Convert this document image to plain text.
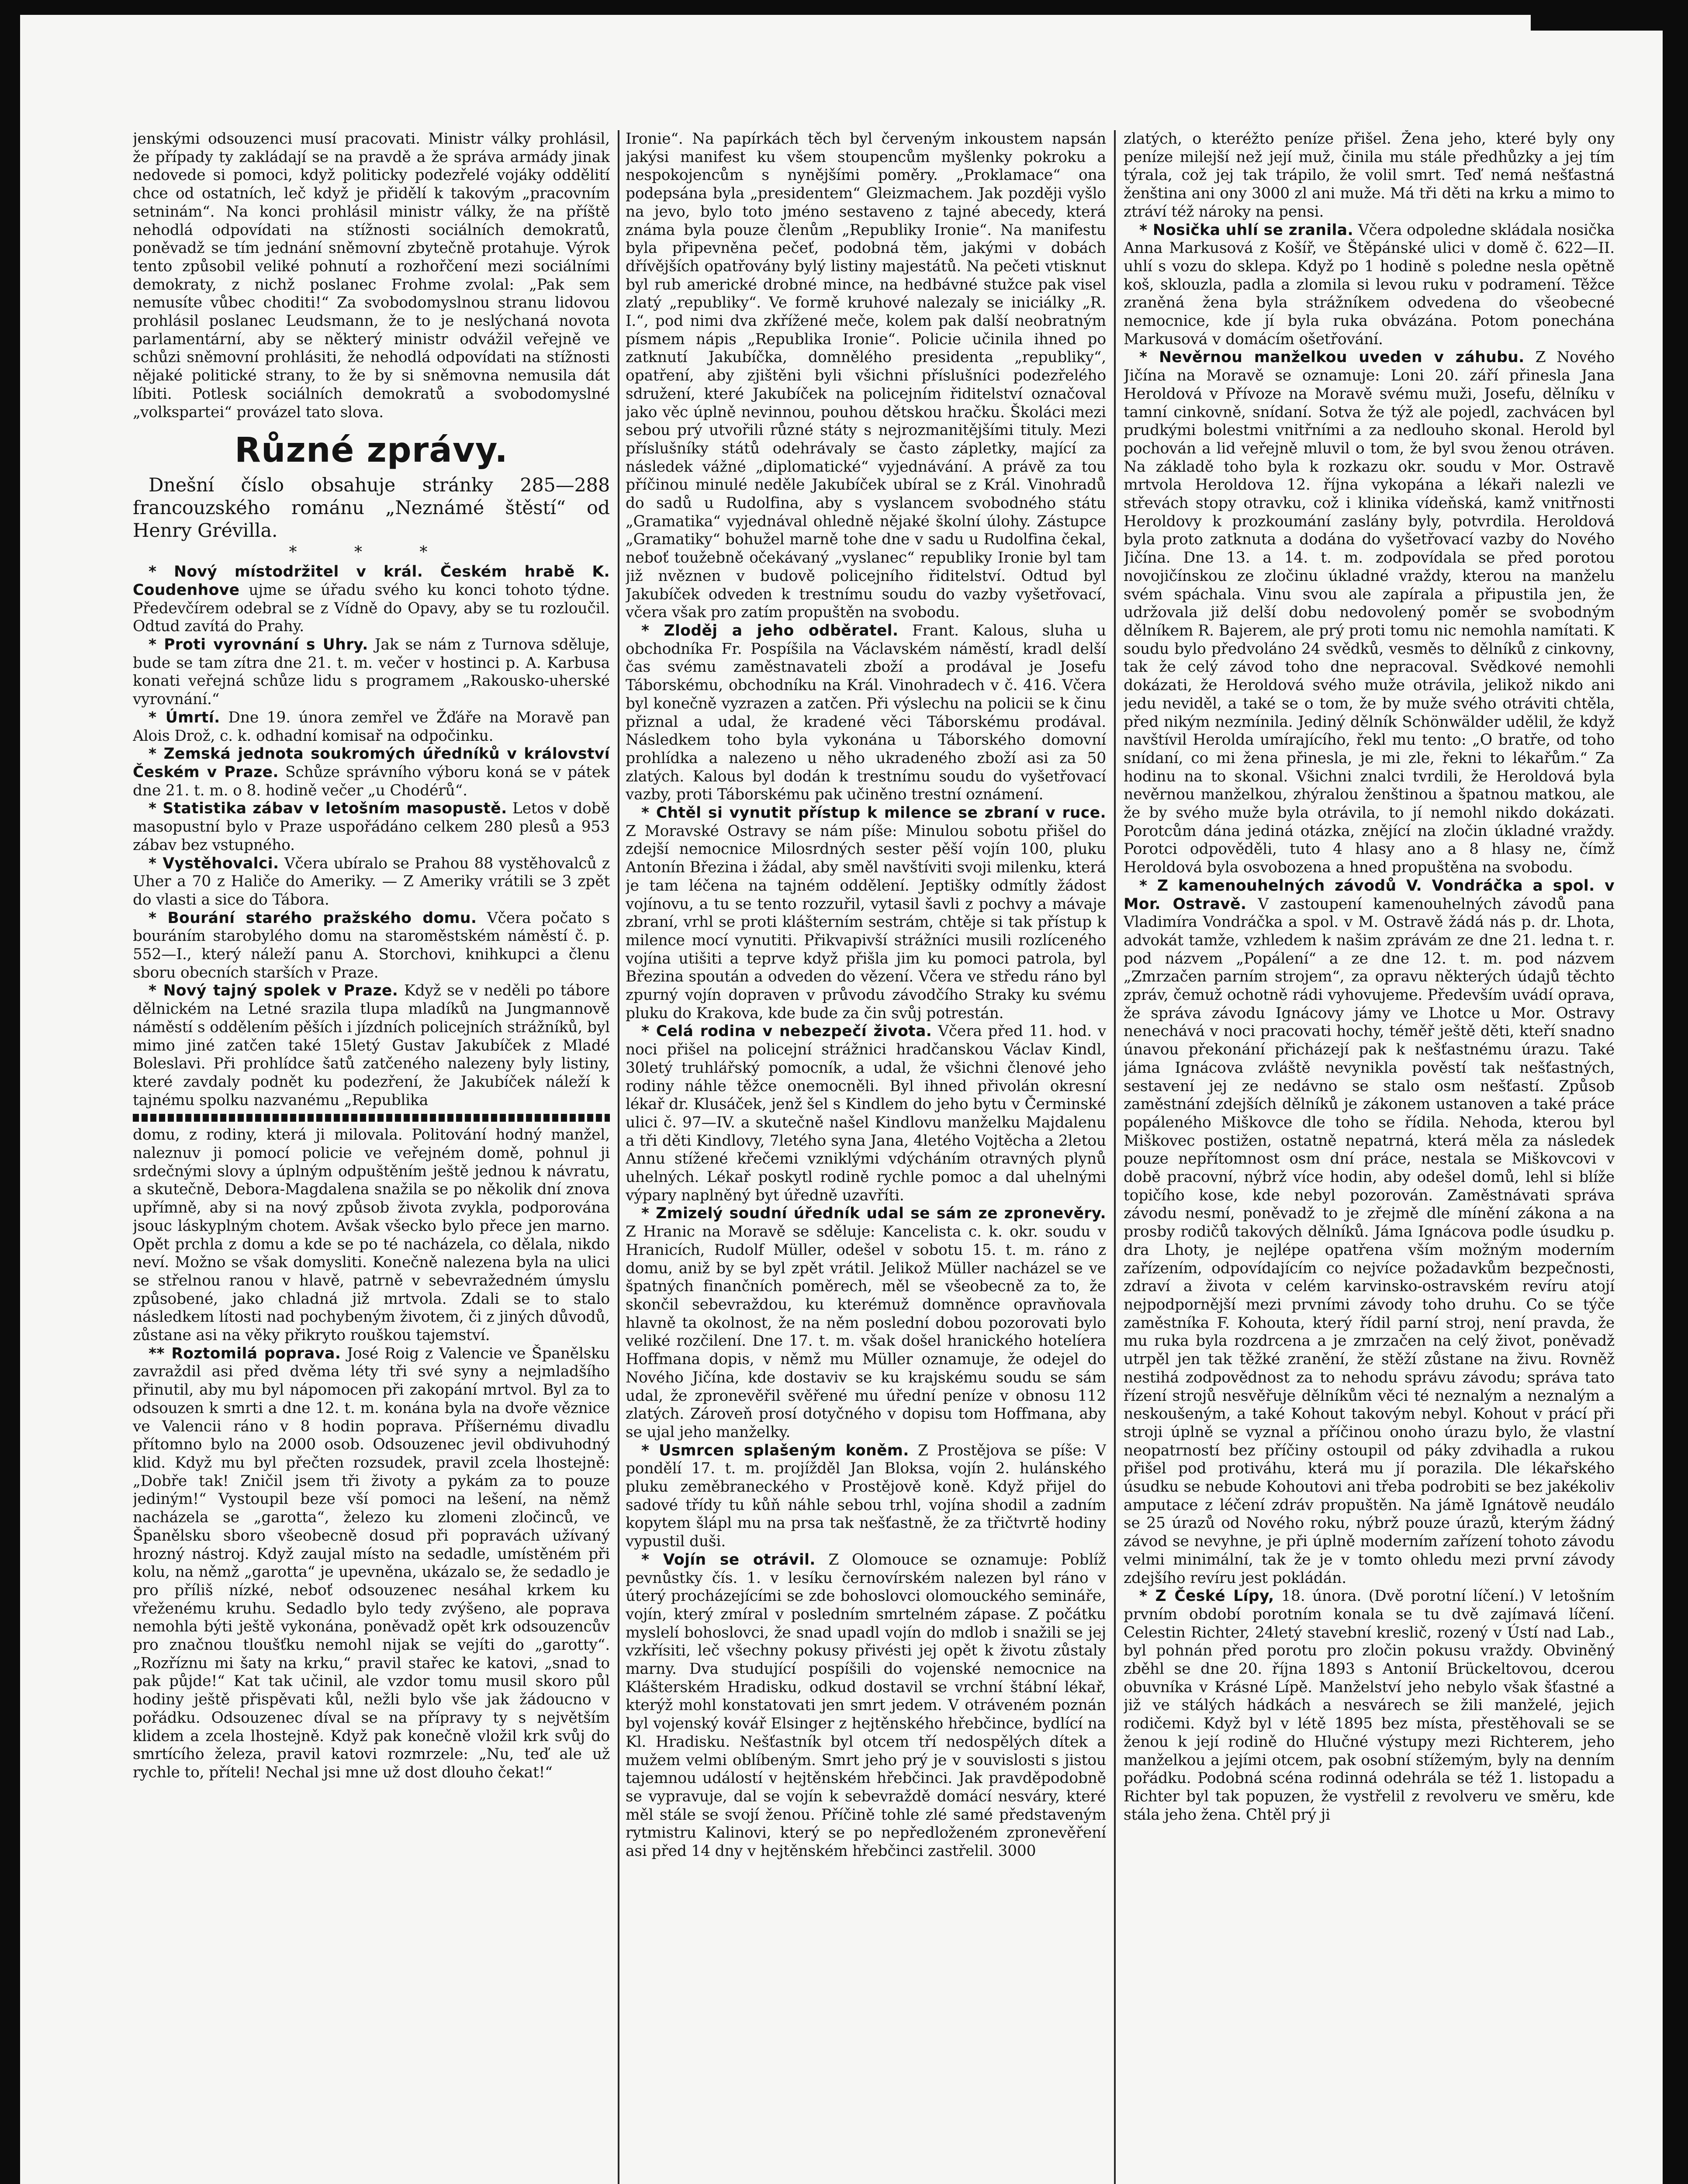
jenskými odsouzenci musí pracovati. Ministr války prohlásil, že případy ty zakládají se na pravdě a že správa armády jinak nedovede si pomoci, když politicky podezřelé vojáky oddělití chce od ostatních, leč když je přidělí k takovým „pracovním setninám“. Na konci prohlásil ministr války, že na příště nehodlá odpovídati na stížnosti sociálních demokratů, poněvadž se tím jednání sněmovní zbytečně protahuje. Výrok tento způsobil veliké pohnutí a rozhořčení mezi sociálními demokraty, z nichž poslanec Frohme zvolal: „Pak sem nemusíte vůbec choditi!“ Za svobodomyslnou stranu lidovou prohlásil poslanec Leudsmann, že to je neslýchaná novota parlamentární, aby se některý ministr odvážil veřejně ve schůzi sněmovní prohlásiti, že nehodlá odpovídati na stížnosti nějaké politické strany, to že by si sněmovna nemusila dát líbiti. Potlesk sociálních demokratů a svobodomyslné „volkspartei“ provázel tato slova.

Různé zprávy.

Dnešní číslo obsahuje stránky 285—288 francouzského románu „Neznámé štěstí“ od Henry Grévilla.

* * *

* Nový místodržitel v král. Českém hrabě K. Coudenhove ujme se úřadu svého ku konci tohoto týdne. Předevčírem odebral se z Vídně do Opavy, aby se tu rozloučil. Odtud zavítá do Prahy.

* Proti vyrovnání s Uhry. Jak se nám z Turnova sděluje, bude se tam zítra dne 21. t. m. večer v hostinci p. A. Karbusa konati veřejná schůze lidu s programem „Rakousko-uherské vyrovnání.“

* Úmrtí. Dne 19. února zemřel ve Žďáře na Moravě pan Alois Drož, c. k. odhadní komisař na odpočinku.

* Zemská jednota soukromých úředníků v království Českém v Praze. Schůze správního výboru koná se v pátek dne 21. t. m. o 8. hodině večer „u Chodérů“.

* Statistika zábav v letošním masopustě. Letos v době masopustní bylo v Praze uspořádáno celkem 280 plesů a 953 zábav bez vstupného.

* Vystěhovalci. Včera ubíralo se Prahou 88 vystěhovalců z Uher a 70 z Haliče do Ameriky. — Z Ameriky vrátili se 3 zpět do vlasti a sice do Tábora.

* Bourání starého pražského domu. Včera počato s bouráním starobylého domu na staroměstském náměstí č. p. 552—I., který náleží panu A. Storchovi, knihkupci a členu sboru obecních starších v Praze.

* Nový tajný spolek v Praze. Když se v neděli po tábore dělnickém na Letné srazila tlupa mladíků na Jungmannově náměstí s oddělením pěších i jízdních policejních strážníků, byl mimo jiné zatčen také 15letý Gustav Jakubíček z Mladé Boleslavi. Při prohlídce šatů zatčeného nalezeny byly listiny, které zavdaly podnět ku podezření, že Jakubíček náleží k tajnému spolku nazvanému „Republika

domu, z rodiny, která ji milovala. Politování hodný manžel, naleznuv ji pomocí policie ve veřejném domě, pohnul ji srdečnými slovy a úplným odpuštěním ještě jednou k návratu, a skutečně, Debora-Magdalena snažila se po několik dní znova upřímně, aby si na nový způsob života zvykla, podporována jsouc láskyplným chotem. Avšak všecko bylo přece jen marno. Opět prchla z domu a kde se po té nacházela, co dělala, nikdo neví. Možno se však domysliti. Konečně nalezena byla na ulici se střelnou ranou v hlavě, patrně v sebevražedném úmyslu způsobené, jako chladná již mrtvola. Zdali se to stalo následkem lítosti nad pochybeným životem, či z jiných důvodů, zůstane asi na věky přikryto rouškou tajemství.

** Roztomilá poprava. José Roig z Valencie ve Španělsku zavraždil asi před dvěma léty tři své syny a nejmladšího přinutil, aby mu byl nápomocen při zakopání mrtvol. Byl za to odsouzen k smrti a dne 12. t. m. konána byla na dvoře věznice ve Valencii ráno v 8 hodin poprava. Příšernému divadlu přítomno bylo na 2000 osob. Odsouzenec jevil obdivuhodný klid. Když mu byl přečten rozsudek, pravil zcela lhostejně: „Dobře tak! Zničil jsem tři životy a pykám za to pouze jediným!“ Vystoupil beze vší pomoci na lešení, na němž nacházela se „garotta“, železo ku zlomeni zločinců, ve Španělsku sboro všeobecně dosud při popravách užívaný hrozný nástroj. Když zaujal místo na sedadle, umístěném při kolu, na němž „garotta“ je upevněna, ukázalo se, že sedadlo je pro příliš nízké, neboť odsouzenec nesáhal krkem ku vřeženému kruhu. Sedadlo bylo tedy zvýšeno, ale poprava nemohla býti ještě vykonána, poněvadž opět krk odsouzencův pro značnou tloušťku nemohl nijak se vejíti do „garotty“. „Rozříznu mi šaty na krku,“ pravil stařec ke katovi, „snad to pak půjde!“ Kat tak učinil, ale vzdor tomu musil skoro půl hodiny ještě přispěvati kůl, nežli bylo vše jak žádoucno v pořádku. Odsouzenec díval se na přípravy ty s největším klidem a zcela lhostejně. Když pak konečně vložil krk svůj do smrtícího železa, pravil katovi rozmrzele: „Nu, teď ale už rychle to, příteli! Nechal jsi mne už dost dlouho čekat!“

Ironie“. Na papírkách těch byl červeným inkoustem napsán jakýsi manifest ku všem stoupencům myšlenky pokroku a nespokojencům s nynějšími poměry. „Proklamace“ ona podepsána byla „presidentem“ Gleizmachem. Jak později vyšlo na jevo, bylo toto jméno sestaveno z tajné abecedy, která známa byla pouze členům „Republiky Ironie“. Na manifestu byla připevněna pečeť, podobná těm, jakými v dobách dřívějších opatřovány bylý listiny majestátů. Na pečeti vtisknut byl rub americké drobné mince, na hedbávné stužce pak visel zlatý „republiky“. Ve formě kruhové nalezaly se iniciálky „R. I.“, pod nimi dva zkřížené meče, kolem pak další neobratným písmem nápis „Republika Ironie“. Policie učinila ihned po zatknutí Jakubíčka, domnělého presidenta „republiky“, opatření, aby zjištěni byli všichni příslušníci podezřelého sdružení, které Jakubíček na policejním řiditelství označoval jako věc úplně nevinnou, pouhou dětskou hračku. Školáci mezi sebou prý utvořili různé státy s nejrozmanitějšími tituly. Mezi příslušníky států odehrávaly se často zápletky, mající za následek vážné „diplomatické“ vyjednávání. A právě za tou příčinou minulé neděle Jakubíček ubíral se z Král. Vinohradů do sadů u Rudolfina, aby s vyslancem svobodného státu „Gramatika“ vyjednával ohledně nějaké školní úlohy. Zástupce „Gramatiky“ bohužel marně tohe dne v sadu u Rudolfina čekal, neboť toužebně očekávaný „vyslanec“ republiky Ironie byl tam již nvěznen v budově policejního řiditelství. Odtud byl Jakubíček odveden k trestnímu soudu do vazby vyšetřovací, včera však pro zatím propuštěn na svobodu.

* Zloděj a jeho odběratel. Frant. Kalous, sluha u obchodníka Fr. Pospíšila na Václavském náměstí, kradl delší čas svému zaměstnavateli zboží a prodával je Josefu Táborskému, obchodníku na Král. Vinohradech v č. 416. Včera byl konečně vyzrazen a zatčen. Při výslechu na policii se k činu přiznal a udal, že kradené věci Táborskému prodával. Následkem toho byla vykonána u Táborského domovní prohlídka a nalezeno u něho ukradeného zboží asi za 50 zlatých. Kalous byl dodán k trestnímu soudu do vyšetřovací vazby, proti Táborskému pak učiněno trestní oznámení.

* Chtěl si vynutit přístup k milence se zbraní v ruce. Z Moravské Ostravy se nám píše: Minulou sobotu přišel do zdejší nemocnice Milosrdných sester pěší vojín 100, pluku Antonín Březina i žádal, aby směl navštíviti svoji milenku, která je tam léčena na tajném oddělení. Jeptišky odmítly žádost vojínovu, a tu se tento rozzuřil, vytasil šavli z pochvy a mávaje zbraní, vrhl se proti klášterním sestrám, chtěje si tak přístup k milence mocí vynutiti. Přikvapivší strážníci musili rozlíceného vojína utišiti a teprve když přišla jim ku pomoci patrola, byl Březina spoután a odveden do vězení. Včera ve středu ráno byl zpurný vojín dopraven v průvodu závodčího Straky ku svému pluku do Krakova, kde bude za čin svůj potrestán.

* Celá rodina v nebezpečí života. Včera před 11. hod. v noci přišel na policejní strážnici hradčanskou Václav Kindl, 30letý truhlářský pomocník, a udal, že všichni členové jeho rodiny náhle těžce onemocněli. Byl ihned přivolán okresní lékař dr. Klusáček, jenž šel s Kindlem do jeho bytu v Čerminské ulici č. 97—IV. a skutečně našel Kindlovu manželku Majdalenu a tři děti Kindlovy, 7letého syna Jana, 4letého Vojtěcha a 2letou Annu stížené křečemi vzniklými vdýcháním otravných plynů uhelných. Lékař poskytl rodině rychle pomoc a dal uhelnými výpary naplněný byt úředně uzavříti.

* Zmizelý soudní úředník udal se sám ze zpronevěry. Z Hranic na Moravě se sděluje: Kancelista c. k. okr. soudu v Hranicích, Rudolf Müller, odešel v sobotu 15. t. m. ráno z domu, aniž by se byl zpět vrátil. Jelikož Müller nacházel se ve špatných finančních poměrech, měl se všeobecně za to, že skončil sebevraždou, ku kterémuž domněnce opravňovala hlavně ta okolnost, že na něm poslední dobou pozorovati bylo veliké rozčilení. Dne 17. t. m. však došel hranického hotelíera Hoffmana dopis, v němž mu Müller oznamuje, že odejel do Nového Jičína, kde dostaviv se ku krajskému soudu se sám udal, že zpronevěřil svěřené mu úřední peníze v obnosu 112 zlatých. Zároveň prosí dotyčného v dopisu tom Hoffmana, aby se ujal jeho manželky.

* Usmrcen splašeným koněm. Z Prostějova se píše: V pondělí 17. t. m. projížděl Jan Bloksa, vojín 2. hulánského pluku zeměbraneckého v Prostějově koně. Když přijel do sadové třídy tu kůň náhle sebou trhl, vojína shodil a zadním kopytem šlápl mu na prsa tak nešťastně, že za třičtvrtě hodiny vypustil duši.

* Vojín se otrávil. Z Olomouce se oznamuje: Poblíž pevnůstky čís. 1. v lesíku černovírském nalezen byl ráno v úterý procházejícími se zde bohoslovci olomouckého semináře, vojín, který zmíral v posledním smrtelném zápase. Z počátku myslelí bohoslovci, že snad upadl vojín do mdlob i snažili se jej vzkřísiti, leč všechny pokusy přivésti jej opět k životu zůstaly marny. Dva studující pospíšili do vojenské nemocnice na Klášterském Hradisku, odkud dostavil se vrchní štábní lékař, kterýž mohl konstatovati jen smrt jedem. V otráveném poznán byl vojenský kovář Elsinger z hejtěnského hřebčince, bydlící na Kl. Hradisku. Nešťastník byl otcem tří nedospělých dítek a mužem velmi oblíbeným. Smrt jeho prý je v souvislosti s jistou tajemnou událostí v hejtěnském hřebčinci. Jak pravděpodobně se vypravuje, dal se vojín k sebevraždě domácí nesváry, které měl stále se svojí ženou. Příčině tohle zlé samé představeným rytmistru Kalinovi, který se po nepředloženém zpronevěření asi před 14 dny v hejtěnském hřebčinci zastřelil. 3000

zlatých, o kteréžto peníze přišel. Žena jeho, které byly ony peníze milejší než její muž, činila mu stále předhůzky a jej tím týrala, což jej tak trápilo, že volil smrt. Teď nemá nešťastná ženština ani ony 3000 zl ani muže. Má tři děti na krku a mimo to ztráví též nároky na pensi.

* Nosička uhlí se zranila. Včera odpoledne skládala nosička Anna Markusová z Košíř, ve Štěpánské ulici v domě č. 622—II. uhlí s vozu do sklepa. Když po 1 hodině s poledne nesla opětně koš, sklouzla, padla a zlomila si levou ruku v podramení. Těžce zraněná žena byla strážníkem odvedena do všeobecné nemocnice, kde jí byla ruka obvázána. Potom ponechána Markusová v domácím ošetřování.

* Nevěrnou manželkou uveden v záhubu. Z Nového Jičína na Moravě se oznamuje: Loni 20. září přinesla Jana Heroldová v Přívoze na Moravě svému muži, Josefu, dělníku v tamní cinkovně, snídaní. Sotva že týž ale pojedl, zachvácen byl prudkými bolestmi vnitřními a za nedlouho skonal. Herold byl pochován a lid veřejně mluvil o tom, že byl svou ženou otráven. Na základě toho byla k rozkazu okr. soudu v Mor. Ostravě mrtvola Heroldova 12. října vykopána a lékaři nalezli ve střevách stopy otravku, což i klinika vídeňská, kamž vnitřnosti Heroldovy k prozkoumání zaslány byly, potvrdila. Heroldová byla proto zatknuta a dodána do vyšetřovací vazby do Nového Jičína. Dne 13. a 14. t. m. zodpovídala se před porotou novojičínskou ze zločinu úkladné vraždy, kterou na manželu svém spáchala. Vinu svou ale zapírala a připustila jen, že udržovala již delší dobu nedovolený poměr se svobodným dělníkem R. Bajerem, ale prý proti tomu nic nemohla namítati. K soudu bylo předvoláno 24 svědků, vesměs to dělníků z cinkovny, tak že celý závod toho dne nepracoval. Svědkové nemohli dokázati, že Heroldová svého muže otrávila, jelikož nikdo ani jedu neviděl, a také se o tom, že by muže svého otráviti chtěla, před nikým nezmínila. Jediný dělník Schönwälder udělil, že když navštívil Herolda umírajícího, řekl mu tento: „O bratře, od toho snídaní, co mi žena přinesla, je mi zle, řekni to lékařům.“ Za hodinu na to skonal. Všichni znalci tvrdili, že Heroldová byla nevěrnou manželkou, zhýralou ženštinou a špatnou matkou, ale že by svého muže byla otrávila, to jí nemohl nikdo dokázati. Porotcům dána jediná otázka, znějící na zločin úkladné vraždy. Porotci odpověděli, tuto 4 hlasy ano a 8 hlasy ne, čímž Heroldová byla osvobozena a hned propuštěna na svobodu.

* Z kamenouhelných závodů V. Vondráčka a spol. v Mor. Ostravě. V zastoupení kamenouhelných závodů pana Vladimíra Vondráčka a spol. v M. Ostravě žádá nás p. dr. Lhota, advokát tamže, vzhledem k našim zprávám ze dne 21. ledna t. r. pod názvem „Popálení“ a ze dne 12. t. m. pod názvem „Zmrzačen parním strojem“, za opravu některých údajů těchto zpráv, čemuž ochotně rádi vyhovujeme. Především uvádí oprava, že správa závodu Ignácovy jámy ve Lhotce u Mor. Ostravy nenechává v noci pracovati hochy, téměř ještě děti, kteří snadno únavou překonání přicházejí pak k nešťastnému úrazu. Také jáma Ignácova zvláště nevynikla pověstí tak nešťastných, sestavení jej ze nedávno se stalo osm nešťastí. Způsob zaměstnání zdejších dělníků je zákonem ustanoven a také práce popáleného Miškovce dle toho se řídila. Nehoda, kterou byl Miškovec postižen, ostatně nepatrná, která měla za následek pouze nepřítomnost osm dní práce, nestala se Miškovcovi v době pracovní, nýbrž více hodin, aby odešel domů, lehl si blíže topičího kose, kde nebyl pozorován. Zaměstnávati správa závodu nesmí, poněvadž to je zřejmě dle mínění zákona a na prosby rodičů takových dělníků. Jáma Ignácova podle úsudku p. dra Lhoty, je nejlépe opatřena vším možným moderním zařízením, odpovídajícím co nejvíce požadavkům bezpečnosti, zdraví a života v celém karvinsko-ostravském revíru atojí nejpodpornější mezi prvními závody toho druhu. Co se týče zaměstníka F. Kohouta, který řídil parní stroj, není pravda, že mu ruka byla rozdrcena a je zmrzačen na celý život, poněvadž utrpěl jen tak těžké zranění, že stěží zůstane na živu. Rovněž nestihá zodpovědnost za to nehodu správu závodu; správa tato řízení strojů nesvěřuje dělníkům věci té neznalým a neznalým a neskoušeným, a také Kohout takovým nebyl. Kohout v prácí při stroji úplně se vyznal a příčinou onoho úrazu bylo, že vlastní neopatrností bez příčiny ostoupil od páky zdvihadla a rukou přišel pod protiváhu, která mu jí porazila. Dle lékařského úsudku se nebude Kohoutovi ani třeba podrobiti se bez jakékoliv amputace z léčení zdráv propuštěn. Na jámě Ignátově neudálo se 25 úrazů od Nového roku, nýbrž pouze úrazů, kterým žádný závod se nevyhne, je při úplně moderním zařízení tohoto závodu velmi minimální, tak že je v tomto ohledu mezi první závody zdejšího revíru jest pokládán.

* Z České Lípy, 18. února. (Dvě porotní líčení.) V letošním prvním období porotním konala se tu dvě zajímavá líčení. Celestin Richter, 24letý stavební kreslič, rozený v Ústí nad Lab., byl pohnán před porotu pro zločin pokusu vraždy. Obviněný zběhl se dne 20. října 1893 s Antonií Brückeltovou, dcerou obuvníka v Krásné Lípě. Manželství jeho nebylo však šťastné a již ve stálých hádkách a nesvárech se žili manželé, jejich rodičemi. Když byl v létě 1895 bez místa, přestěhovali se se ženou k její rodině do Hlučné výstupy mezi Richterem, jeho manželkou a jejími otcem, pak osobní stížemým, byly na denním pořádku. Podobná scéna rodinná odehrála se též 1. listopadu a Richter byl tak popuzen, že vystřelil z revolveru ve směru, kde stála jeho žena. Chtěl prý ji
